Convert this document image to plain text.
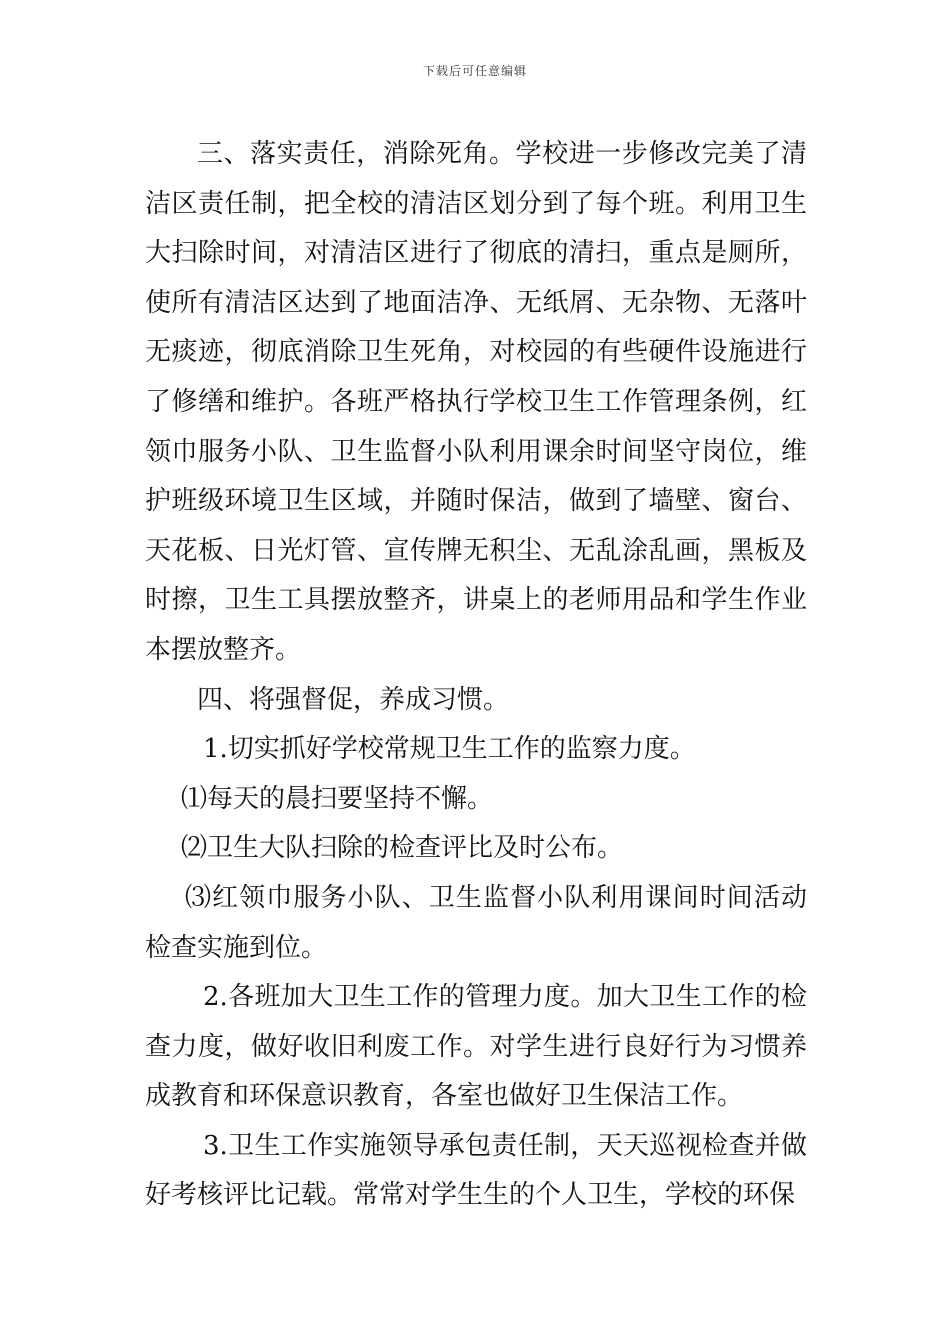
下载后可任意编辑

三、落实责任，消除死角。学校进一步修改完美了清洁区责任制，把全校的清洁区划分到了每个班。利用卫生大扫除时间，对清洁区进行了彻底的清扫，重点是厕所，使所有清洁区达到了地面洁净、无纸屑、无杂物、无落叶无痰迹，彻底消除卫生死角，对校园的有些硬件设施进行了修缮和维护。各班严格执行学校卫生工作管理条例，红领巾服务小队、卫生监督小队利用课余时间坚守岗位，维护班级环境卫生区域，并随时保洁，做到了墙壁、窗台、天花板、日光灯管、宣传牌无积尘、无乱涂乱画，黑板及时擦，卫生工具摆放整齐，讲桌上的老师用品和学生作业本摆放整齐。

四、将强督促，养成习惯。

1.切实抓好学校常规卫生工作的监察力度。

⑴每天的晨扫要坚持不懈。

⑵卫生大队扫除的检查评比及时公布。

⑶红领巾服务小队、卫生监督小队利用课间时间活动检查实施到位。

2.各班加大卫生工作的管理力度。加大卫生工作的检查力度，做好收旧利废工作。对学生进行良好行为习惯养成教育和环保意识教育，各室也做好卫生保洁工作。

3.卫生工作实施领导承包责任制，天天巡视检查并做好考核评比记载。常常对学生生的个人卫生，学校的环保
